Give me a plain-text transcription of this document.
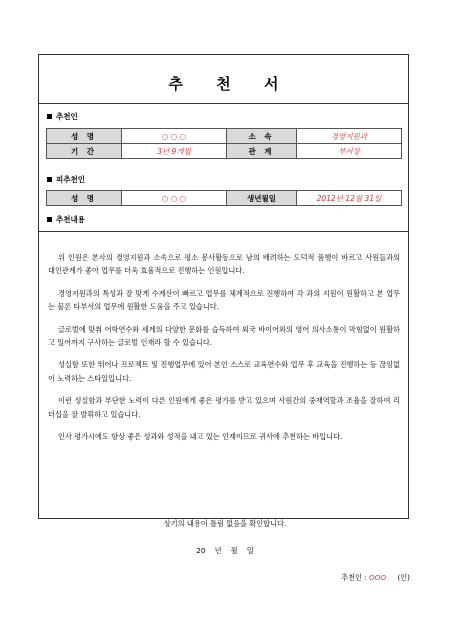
추 천 서
추천인
성 명	○ ○ ○	소 속	경영지원과
기 간	3년 9개월	관 계	부서장
피추천인
성 명	○ ○ ○	생년월일	2012년 12월 31일
추천내용

위 인원은 본사의 경영지원과 소속으로 평소 봉사활동으로 남의 배려하는 도덕적 품행이 바르고 사원들과의 대인관계가 좋아 업무를 더욱 효율적으로 진행하는 인원입니다.

경영지원과의 특성과 잘 맞게 수계산이 빠르고 업무를 체계적으로 진행하여 각 과의 지원이 원활하고 본 업무는 물론 타부서의 업무에 원활한 도움을 주고 있습니다.

글로벌에 맞춰 어학연수와 세계의 다양한 문화를 습득하여 외국 바이어와의 영어 의사소통이 막힘없이 원활하고 일어까지 구사하는 글로벌 인재라 할 수 있습니다.

성실함 또한 뛰어나 프로젝트 및 진행업무에 있어 본인 스스로 교육연수와 업무 후 교육을 진행하는 등 끊임없이 노력하는 스타일입니다.

이런 성실함과 부단한 노력이 다른 인원에게 좋은 평가를 받고 있으며 사원간의 중재역할과 조율을 잘하여 리더십을 잘 발휘하고 있습니다.

인사 평가시에도 항상 좋은 성과와 성적을 내고 있는 인재이므로 귀사에 추천하는 바입니다.

상기의 내용이 틀림 없음을 확인합니다.
20    년    월    일
추천인 : OOO (인)
